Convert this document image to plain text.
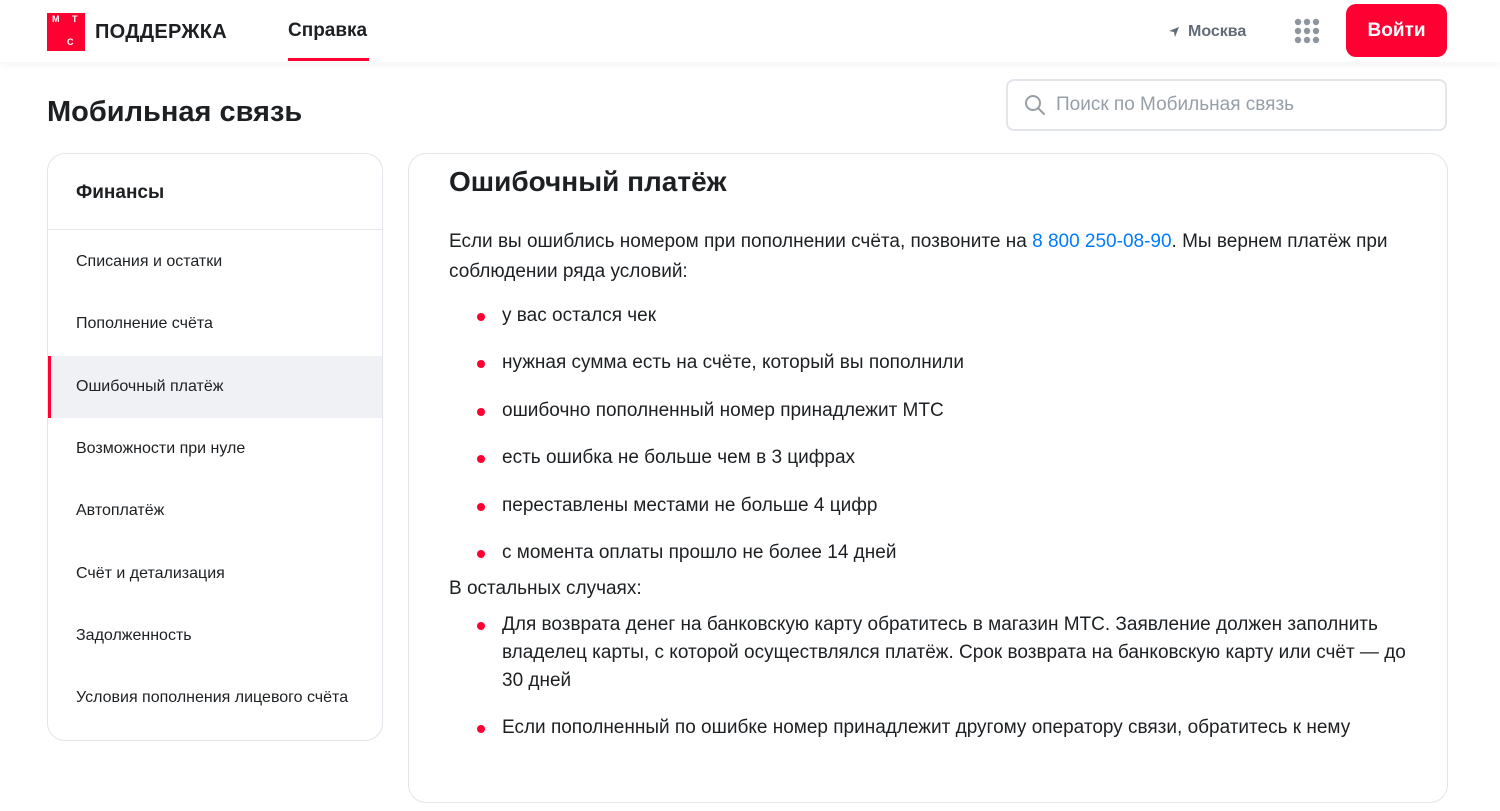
М Т
С ПОДДЕРЖКА	Справка	Москва	Войти
Мобильная связь
Поиск по Мобильная связь
Финансы
Списания и остатки
Пополнение счёта
Ошибочный платёж
Возможности при нуле
Автоплатёж
Счёт и детализация
Задолженность
Условия пополнения лицевого счёта
Ошибочный платёж

Если вы ошиблись номером при пополнении счёта, позвоните на 8 800 250-08-90. Мы вернем платёж при соблюдении ряда условий:

у вас остался чек
нужная сумма есть на счёте, который вы пополнили
ошибочно пополненный номер принадлежит МТС
есть ошибка не больше чем в 3 цифрах
переставлены местами не больше 4 цифр
с момента оплаты прошло не более 14 дней

В остальных случаях:

Для возврата денег на банковскую карту обратитесь в магазин МТС. Заявление должен заполнить владелец карты, с которой осуществлялся платёж. Срок возврата на банковскую карту или счёт — до 30 дней
Если пополненный по ошибке номер принадлежит другому оператору связи, обратитесь к нему
